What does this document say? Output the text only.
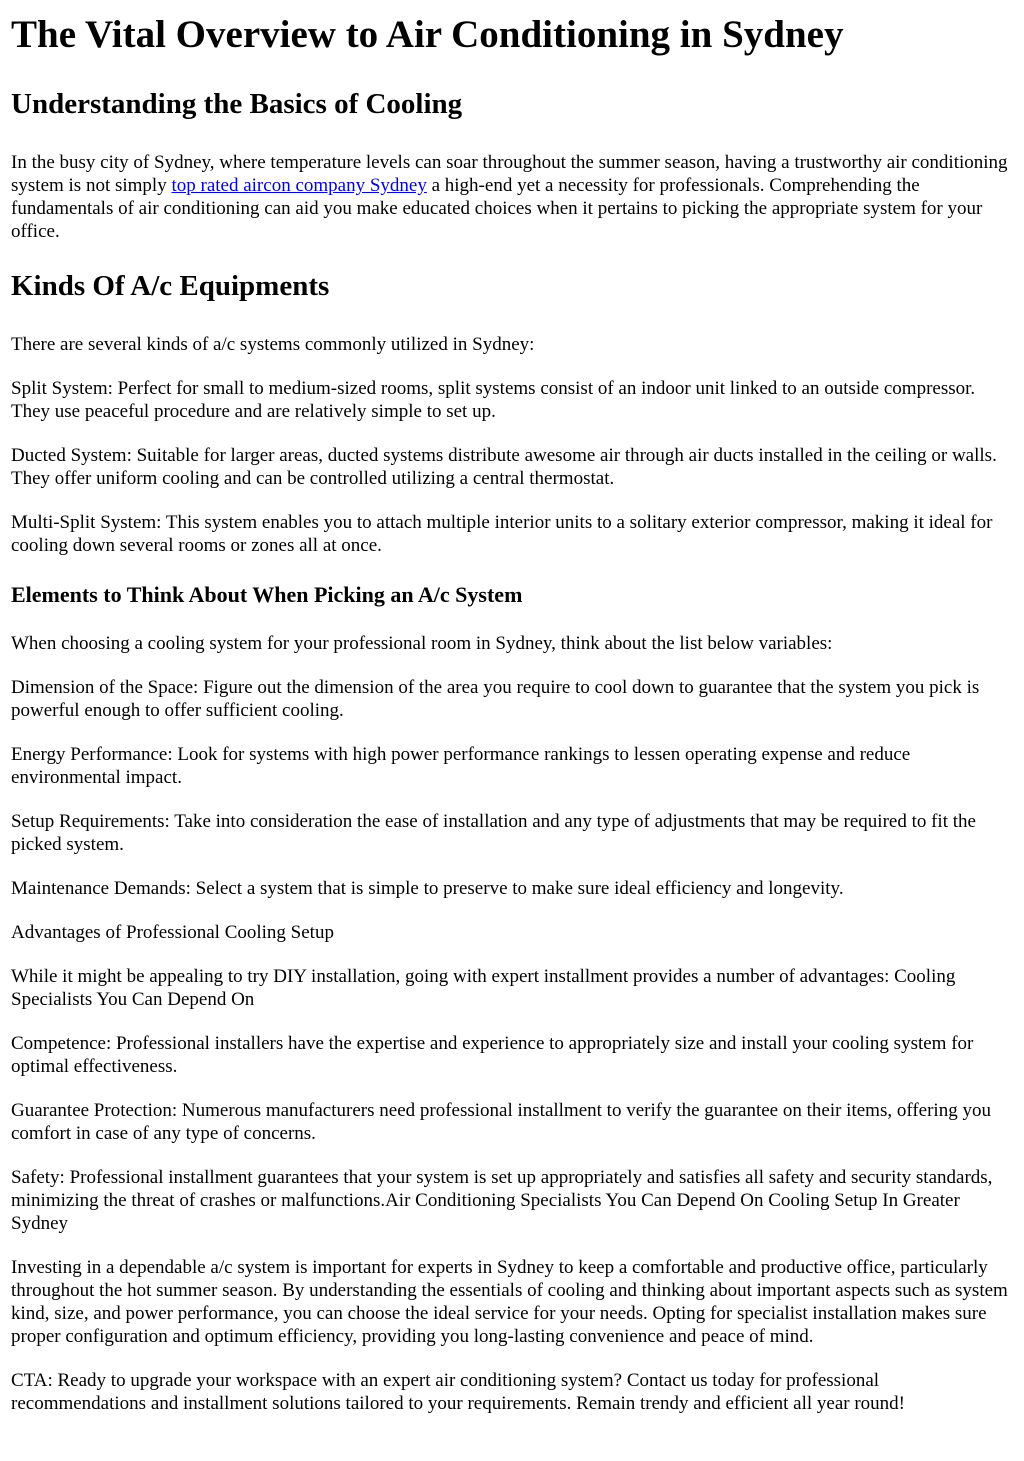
The Vital Overview to Air Conditioning in Sydney
Understanding the Basics of Cooling

In the busy city of Sydney, where temperature levels can soar throughout the summer season, having a trustworthy air conditioning system is not simply top rated aircon company Sydney a high-end yet a necessity for professionals. Comprehending the fundamentals of air conditioning can aid you make educated choices when it pertains to picking the appropriate system for your office.

Kinds Of A/c Equipments

There are several kinds of a/c systems commonly utilized in Sydney:

Split System: Perfect for small to medium-sized rooms, split systems consist of an indoor unit linked to an outside compressor. They use peaceful procedure and are relatively simple to set up.

Ducted System: Suitable for larger areas, ducted systems distribute awesome air through air ducts installed in the ceiling or walls. They offer uniform cooling and can be controlled utilizing a central thermostat.

Multi-Split System: This system enables you to attach multiple interior units to a solitary exterior compressor, making it ideal for cooling down several rooms or zones all at once.

Elements to Think About When Picking an A/c System

When choosing a cooling system for your professional room in Sydney, think about the list below variables:

Dimension of the Space: Figure out the dimension of the area you require to cool down to guarantee that the system you pick is powerful enough to offer sufficient cooling.

Energy Performance: Look for systems with high power performance rankings to lessen operating expense and reduce environmental impact.

Setup Requirements: Take into consideration the ease of installation and any type of adjustments that may be required to fit the picked system.

Maintenance Demands: Select a system that is simple to preserve to make sure ideal efficiency and longevity.

Advantages of Professional Cooling Setup

While it might be appealing to try DIY installation, going with expert installment provides a number of advantages: Cooling Specialists You Can Depend On

Competence: Professional installers have the expertise and experience to appropriately size and install your cooling system for optimal effectiveness.

Guarantee Protection: Numerous manufacturers need professional installment to verify the guarantee on their items, offering you comfort in case of any type of concerns.

Safety: Professional installment guarantees that your system is set up appropriately and satisfies all safety and security standards, minimizing the threat of crashes or malfunctions.Air Conditioning Specialists You Can Depend On Cooling Setup In Greater Sydney

Investing in a dependable a/c system is important for experts in Sydney to keep a comfortable and productive office, particularly throughout the hot summer season. By understanding the essentials of cooling and thinking about important aspects such as system kind, size, and power performance, you can choose the ideal service for your needs. Opting for specialist installation makes sure proper configuration and optimum efficiency, providing you long-lasting convenience and peace of mind.

CTA: Ready to upgrade your workspace with an expert air conditioning system? Contact us today for professional recommendations and installment solutions tailored to your requirements. Remain trendy and efficient all year round!
